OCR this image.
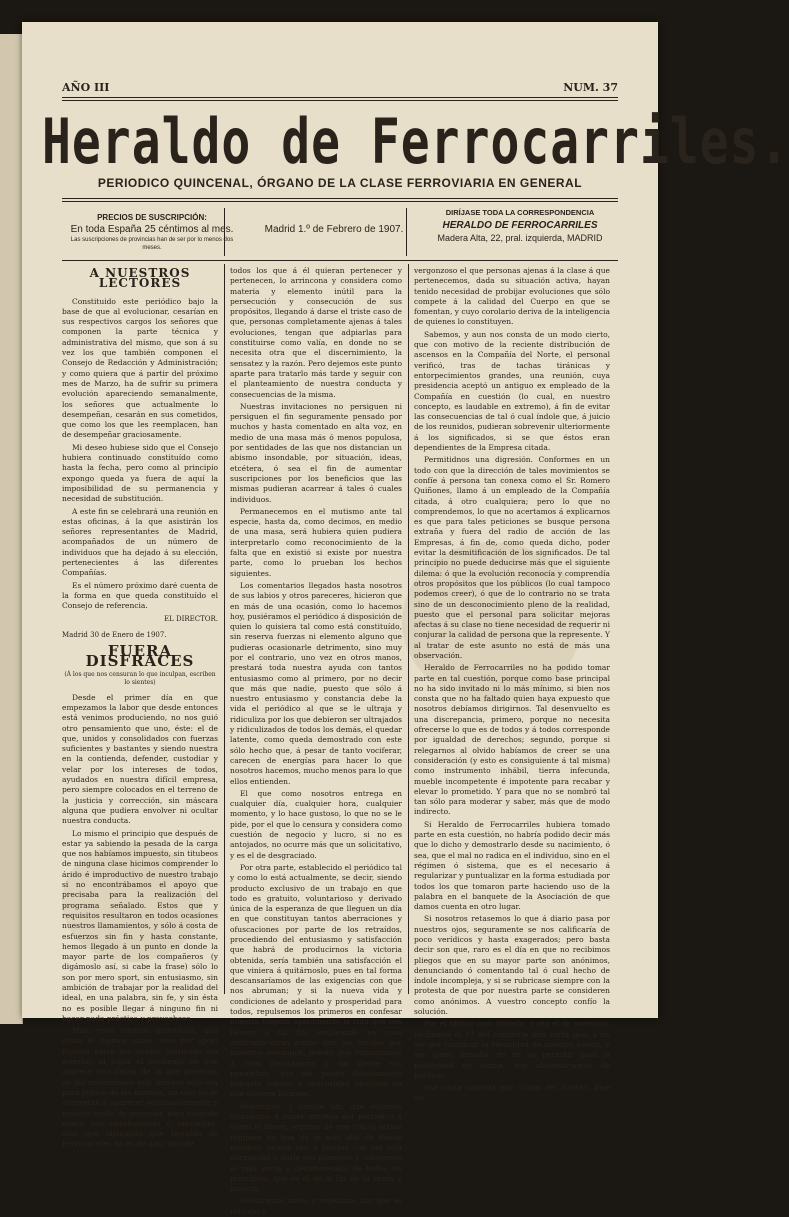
AÑO III	NUM. 37
Heraldo de Ferrocarriles.
PERIODICO QUINCENAL, ÓRGANO DE LA CLASE FERROVIARIA EN GENERAL
PRECIOS DE SUSCRIPCIÓN:
En toda España 25 céntimos al mes.
Las suscripciones de provincias han de ser por lo menos dos meses.
Madrid 1.º de Febrero de 1907.
DIRÍJASE TODA LA CORRESPONDENCIA
HERALDO DE FERROCARRILES
Madera Alta, 22, pral. izquierda, MADRID
A NUESTROS LECTORES

Constituido este periódico bajo la base de que al evolucionar, cesarían en sus respectivos cargos los señores que componen la parte técnica y administrativa del mismo, que son á su vez los que también componen el Consejo de Redacción y Administración; y como quiera que á partir del próximo mes de Marzo, ha de sufrir su primera evolución apareciendo semanalmente, los señores que actualmente lo desempeñan, cesarán en sus cometidos, que como los que les reemplacen, han de desempeñar graciosamente.

Mi deseo hubiese sido que el Consejo hubiera continuado constituído como hasta la fecha, pero como al principio expongo queda ya fuera de aquí la imposibilidad de su permanencia y necesidad de substitución.

A este fin se celebrará una reunión en estas oficinas, á la que asistirán los señores representantes de Madrid, acompañados de un número de individuos que ha dejado á su elección, pertenecientes á las diferentes Compañías.

Es el número próximo daré cuenta de la forma en que queda constituído el Consejo de referencia.

EL DIRECTOR.
Madrid 30 de Enero de 1907.
FUERA DISFRACES
(Á los que nos censuran lo que inculpan, escriben lo sientes)

Desde el primer día en que empezamos la labor que desde entonces está venimos produciendo, no nos guió otro pensamiento que uno, éste: el de que, unidos y consolidados con fuerzas suficientes y bastantes y siendo nuestra en la contienda, defender, custodiar y velar por los intereses de todos, ayudados en nuestra difícil empresa, pero siempre colocados en el terreno de la justicia y corrección, sin máscara alguna que pudiera envolver ni ocultar nuestra conducta.

Lo mismo el principio que después de estar ya sabiendo la pesada de la carga que nos habíamos impuesto, sin titubeos de ninguna clase hicimos comprender lo árido é improductivo de nuestro trabajo si no encontrábamos el apoyo que precisaba para la realización del programa señalado. Estos que y requisitos resultaron en todos ocasiones nuestros llamamientos, y sólo á costa de esfuerzos sin fin y hasta constante, hemos llegado á un punto en donde la mayor parte de los compañeros (y digámoslo así, si cabe la frase) sólo lo son por mero sport, sin entusiasmo, sin ambición de trabajar por la realidad del ideal, en una palabra, sin fe, y sin ésta no es posible llegar á ninguno fin ni hacer nada práctico y provechoso.

Mas, esos mismos individuos, que como lo dijimos antes, sólo por sport figuran entre los unidos (entiende sin asterio), al lugar el momento en que aparece una causa de la que ponemos de las necesidades nos, aunque sólo sea para juicios de los mismos, no sólo no se concretan á aparecer económicamente y nuestro modo de proceder, para después emitir sus aprobaciones ó reproches, sino que olvidando que Heraldo de Ferrocarriles no es de uno, sino de

todos los que á él quieran pertenecer y pertenecen, lo arrincona y considera como materia y elemento inútil para la persecución y consecución de sus propósitos, llegando á darse el triste caso de que, personas completamente ajenas á tales evoluciones, tengan que adpiarlas para constituirse como valía, en donde no se necesita otra que el discernimiento, la sensatez y la razón. Pero dejemos este punto aparte para tratarlo más tarde y seguir con el planteamiento de nuestra conducta y consecuencias de la misma.

Nuestras invitaciones no persiguen ni persiguen el fin seguramente pensado por muchos y hasta comentado en alta voz, en medio de una masa más ó menos populosa, por sentidades de las que nos distancian un abismo insondable, por situación, ideas, etcétera, ó sea el fin de aumentar suscripciones por los beneficios que las mismas pudieran acarrear á tales ó cuales individuos.

Permanecemos en el mutismo ante tal especie, hasta da, como decimos, en medio de una masa, será hubiera quien pudiera interpretarlo como reconocimiento de la falta que en existió si existe por nuestra parte, como lo prueban los hechos siguientes.

Los comentarios llegados hasta nosotros de sus labios y otros pareceres, hicieron que en más de una ocasión, como lo hacemos hoy, pusiéramos el periódico á disposición de quien lo quisiera tal como está constituído, sin reserva fuerzas ni elemento alguno que pudieras ocasionarle detrimento, sino muy por el contrario, uno vez en otros manos, prestará toda nuestra ayuda con tantos entusiasmo como al primero, por no decir que más que nadie, puesto que sólo á nuestro entusiasmo y constancia debe la vida el periódico al que se le ultraja y ridiculiza por los que debieron ser ultrajados y ridiculizados de todos los demás, el quedar latente, como queda demostrado con este sólo hecho que, á pesar de tanto vociferar, carecen de energías para hacer lo que nosotros hacemos, mucho menos para lo que ellos entienden.

El que como nosotros entrega en cualquier día, cualquier hora, cualquier momento, y lo hace gustoso, lo que no se le pide, por el que lo censura y considera como cuestión de negocio y lucro, si no es antojados, no ocurre más que un solicitativo, y es el de desgraciado.

Por otra parte, establecido el periódico tal y como lo está actualmente, se decir, siendo producto exclusivo de un trabajo en que todo es gratuito, voluntarioso y derivado única de la esperanza de que lleguen un día en que constituyan tantos aberraciones y ofuscaciones por parte de los retraídos, procediendo del entusiasmo y satisfacción que habrá de producirnos la victoria obtenida, sería también una satisfacción el que viniera á quitárnoslo, pues en tal forma descansaríamos de las exigencias con que nos abruman; y si la nueva vida y condiciones de adelanto y prosperidad para todos, repulsemos los primeros en confesar nuestra torpeza aplaudiendo la ruta que nos llevara á tal fin, empleando en caso contrario otras armas que las lucidas por nuestros enemigos, puesto que lucharíamos á cara descubierta y no desde sus penumbra, que ser ponen debidamente llamarle sonora y obscuridad absoluta en que quieren lucirnos.

Repetimos, y conste así, que estamos dispuestos á hacer entrega del periódico á quien lo desee, seguros de que con el actual régimen no han de le más allá de donde nosotros hemos ido, y porque con tan sola afirmación y darle nos ponemos y colocamos el más versa y desinteresado de todos los principios, que es el de la luz de la razón y justicia.

Declaramos antes y repetimos hoy que es ridículo y

vergonzoso el que personas ajenas á la clase á que pertenecemos, dada su situación activa, hayan tenido necesidad de probijar evoluciones que sólo compete á la calidad del Cuerpo en que se fomentan, y cuyo corolario deriva de la inteligencia de quienes lo constituyen.

Sabemos, y aun nos consta de un modo cierto, que con motivo de la reciente distribución de ascensos en la Compañía del Norte, el personal verificó, tras de tachas tiránicas y entorpecimientos grandes, una reunión, cuya presidencia aceptó un antiguo ex empleado de la Compañía en cuestión (lo cual, en nuestro concepto, es laudable en extremo), á fin de evitar las consecuencias de tal ó cual índole que, á juicio de los reunidos, pudieran sobrevenir ulteriormente á los significados, si se que éstos eran dependientes de la Empresa citada.

Permitidnos una digresión. Conformes en un todo con que la dirección de tales movimientos se confíe á persona tan conexa como el Sr. Romero Quiñones, llamo á un empleado de la Compañía citada, á otro cualquiera; pero lo que no comprendemos, lo que no acertamos á explicarnos es que para tales peticiones se busque persona extraña y fuera del radio de acción de las Empresas, á fin de, como queda dicho, poder evitar la desmitificación de los significados. De tal principio no puede deducirse más que el siguiente dilema: ó que la evolución reconocía y comprendía otros propósitos que los públicos (lo cual tampoco podemos creer), ó que de lo contrario no se trata sino de un desconocimiento pleno de la realidad, puesto que el personal para solicitar mejoras afectas á su clase no tiene necesidad de requerir ni conjurar la calidad de persona que la represente. Y al tratar de este asunto no está de más una observación.

Heraldo de Ferrocarriles no ha podido tomar parte en tal cuestión, porque como base principal no ha sido invitado ni lo más mínimo, si bien nos consta que no ha faltado quien haya expuesto que nosotros debíamos dirigirnos. Tal desenvuelto es una discrepancia, primero, porque no necesita ofrecerse lo que es de todos y á todos corresponde por igualdad de derechos; segundo, porque si relegarnos al olvido habíamos de creer se una consideración (y esto es consiguiente á tal misma) como instrumento inhábil, tierra infecunda, mueble incompetente é impotente para recabar y elevar lo prometido. Y para que no se nombró tal tan sólo para moderar y saber, más que de modo indirecto.

Si Heraldo de Ferrocarriles hubiera tomado parte en esta cuestión, no habría podido decir más que lo dicho y demostrarlo desde su nacimiento, ó sea, que el mal no radica en el individuo, sino en el régimen ó sistema, que es el necesario á regularizar y puntualizar en la forma estudiada por todos los que tomaron parte haciendo uso de la palabra en el banquete de la Asociación de que damos cuenta en otro lugar.

Si nosotros retasemos lo que á diario pasa por nuestros ojos, seguramente se nos calificaría de poco verídicos y hasta exagerados; pero basta decir son que, raro es el día en que no recibimos pliegos que en su mayor parte son anónimos, denunciando ó comentando tal ó cual hecho de índole incompleja, y si se rubricase siempre con la protesta de que por nuestra parte se consideren como anónimos. A vuestro concepto confío la solución.

Por el último caso tratado, ó sea el de ascensos, recibimos el 17 del corriente una carta que, á no ser por justificar la veracidad de nuestro aserto, y ser quien firmaba, es de no permitir para la publicidad en forma, nos abstendríamos de publicar.

Esa carta suscrita por «Unos del Norte», dice así:
